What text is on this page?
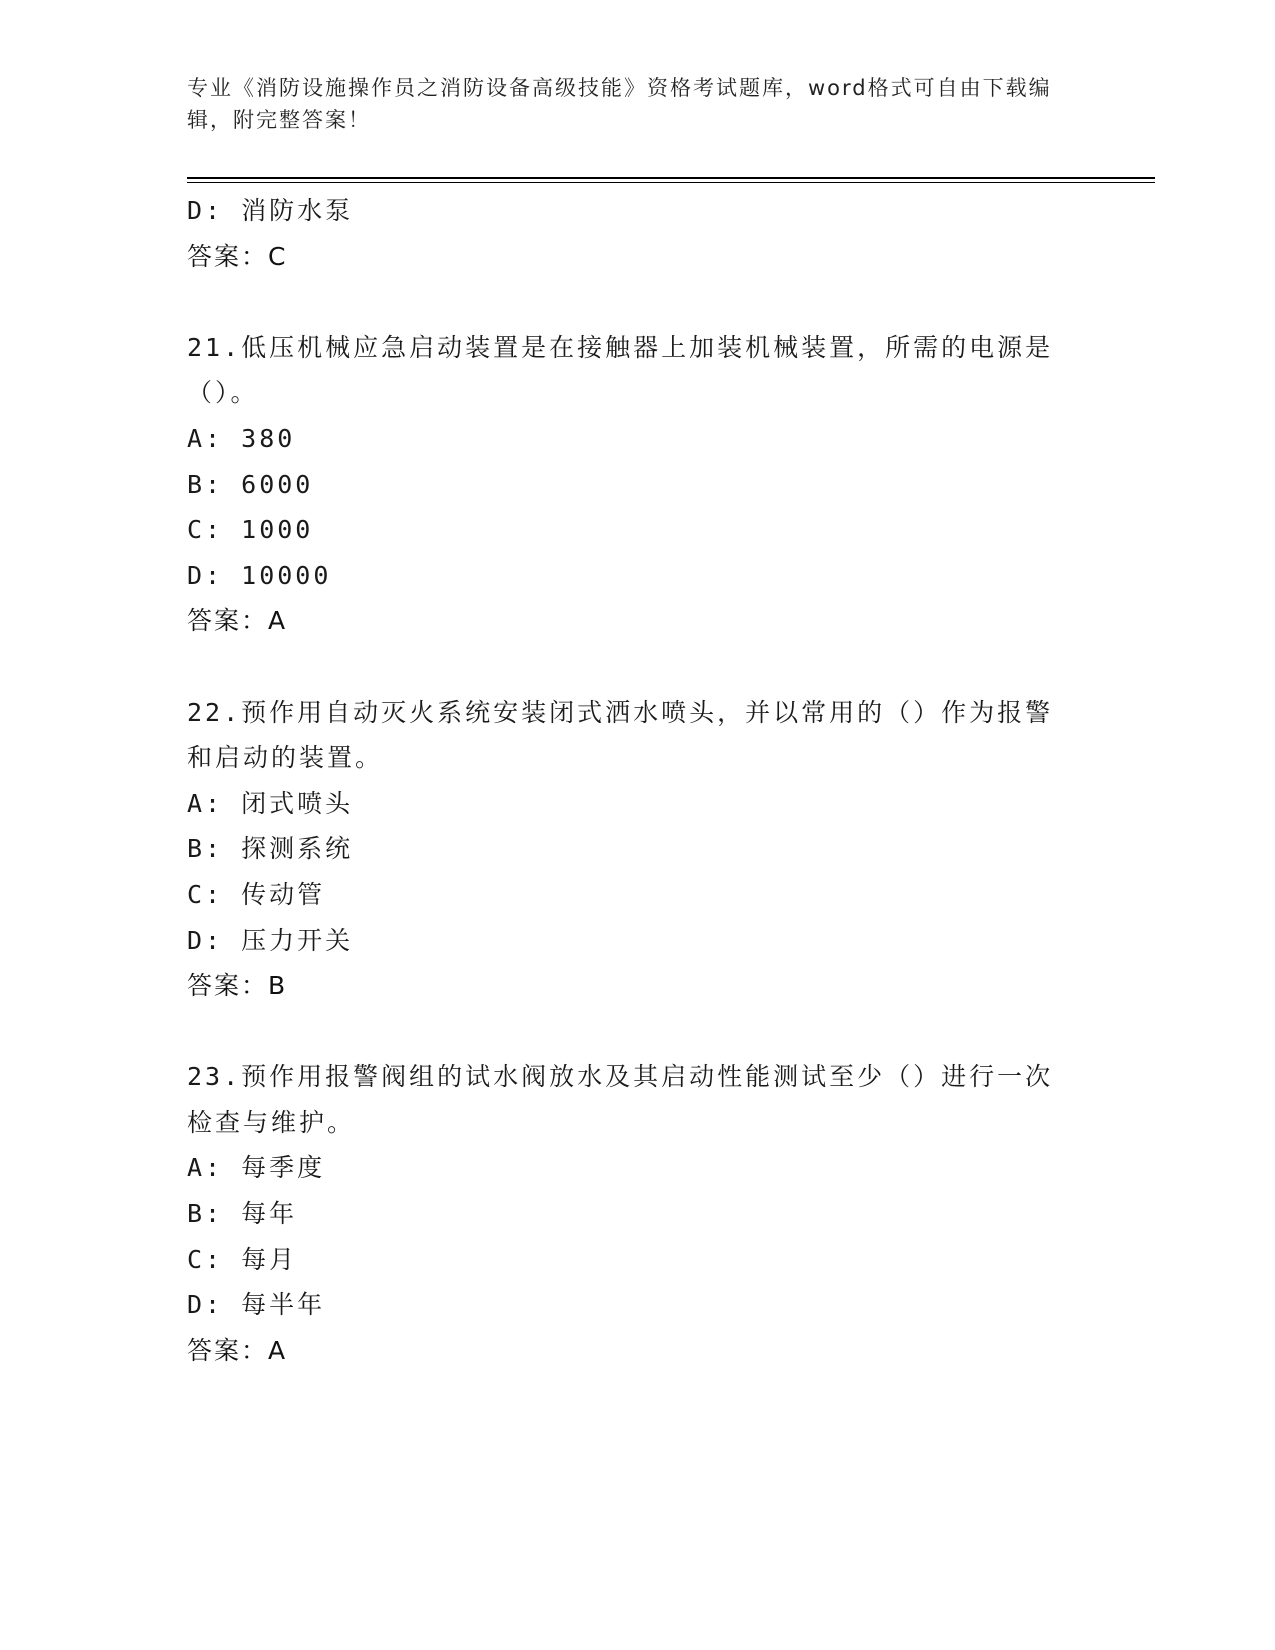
专业《消防设施操作员之消防设备高级技能》资格考试题库，word格式可自由下载编辑，附完整答案！
D: 消防水泵
答案：C
21.低压机械应急启动装置是在接触器上加装机械装置，所需的电源是（）。
A: 380
B: 6000
C: 1000
D: 10000
答案：A
22.预作用自动灭火系统安装闭式洒水喷头，并以常用的（）作为报警和启动的装置。
A: 闭式喷头
B: 探测系统
C: 传动管
D: 压力开关
答案：B
23.预作用报警阀组的试水阀放水及其启动性能测试至少（）进行一次检查与维护。
A: 每季度
B: 每年
C: 每月
D: 每半年
答案：A
